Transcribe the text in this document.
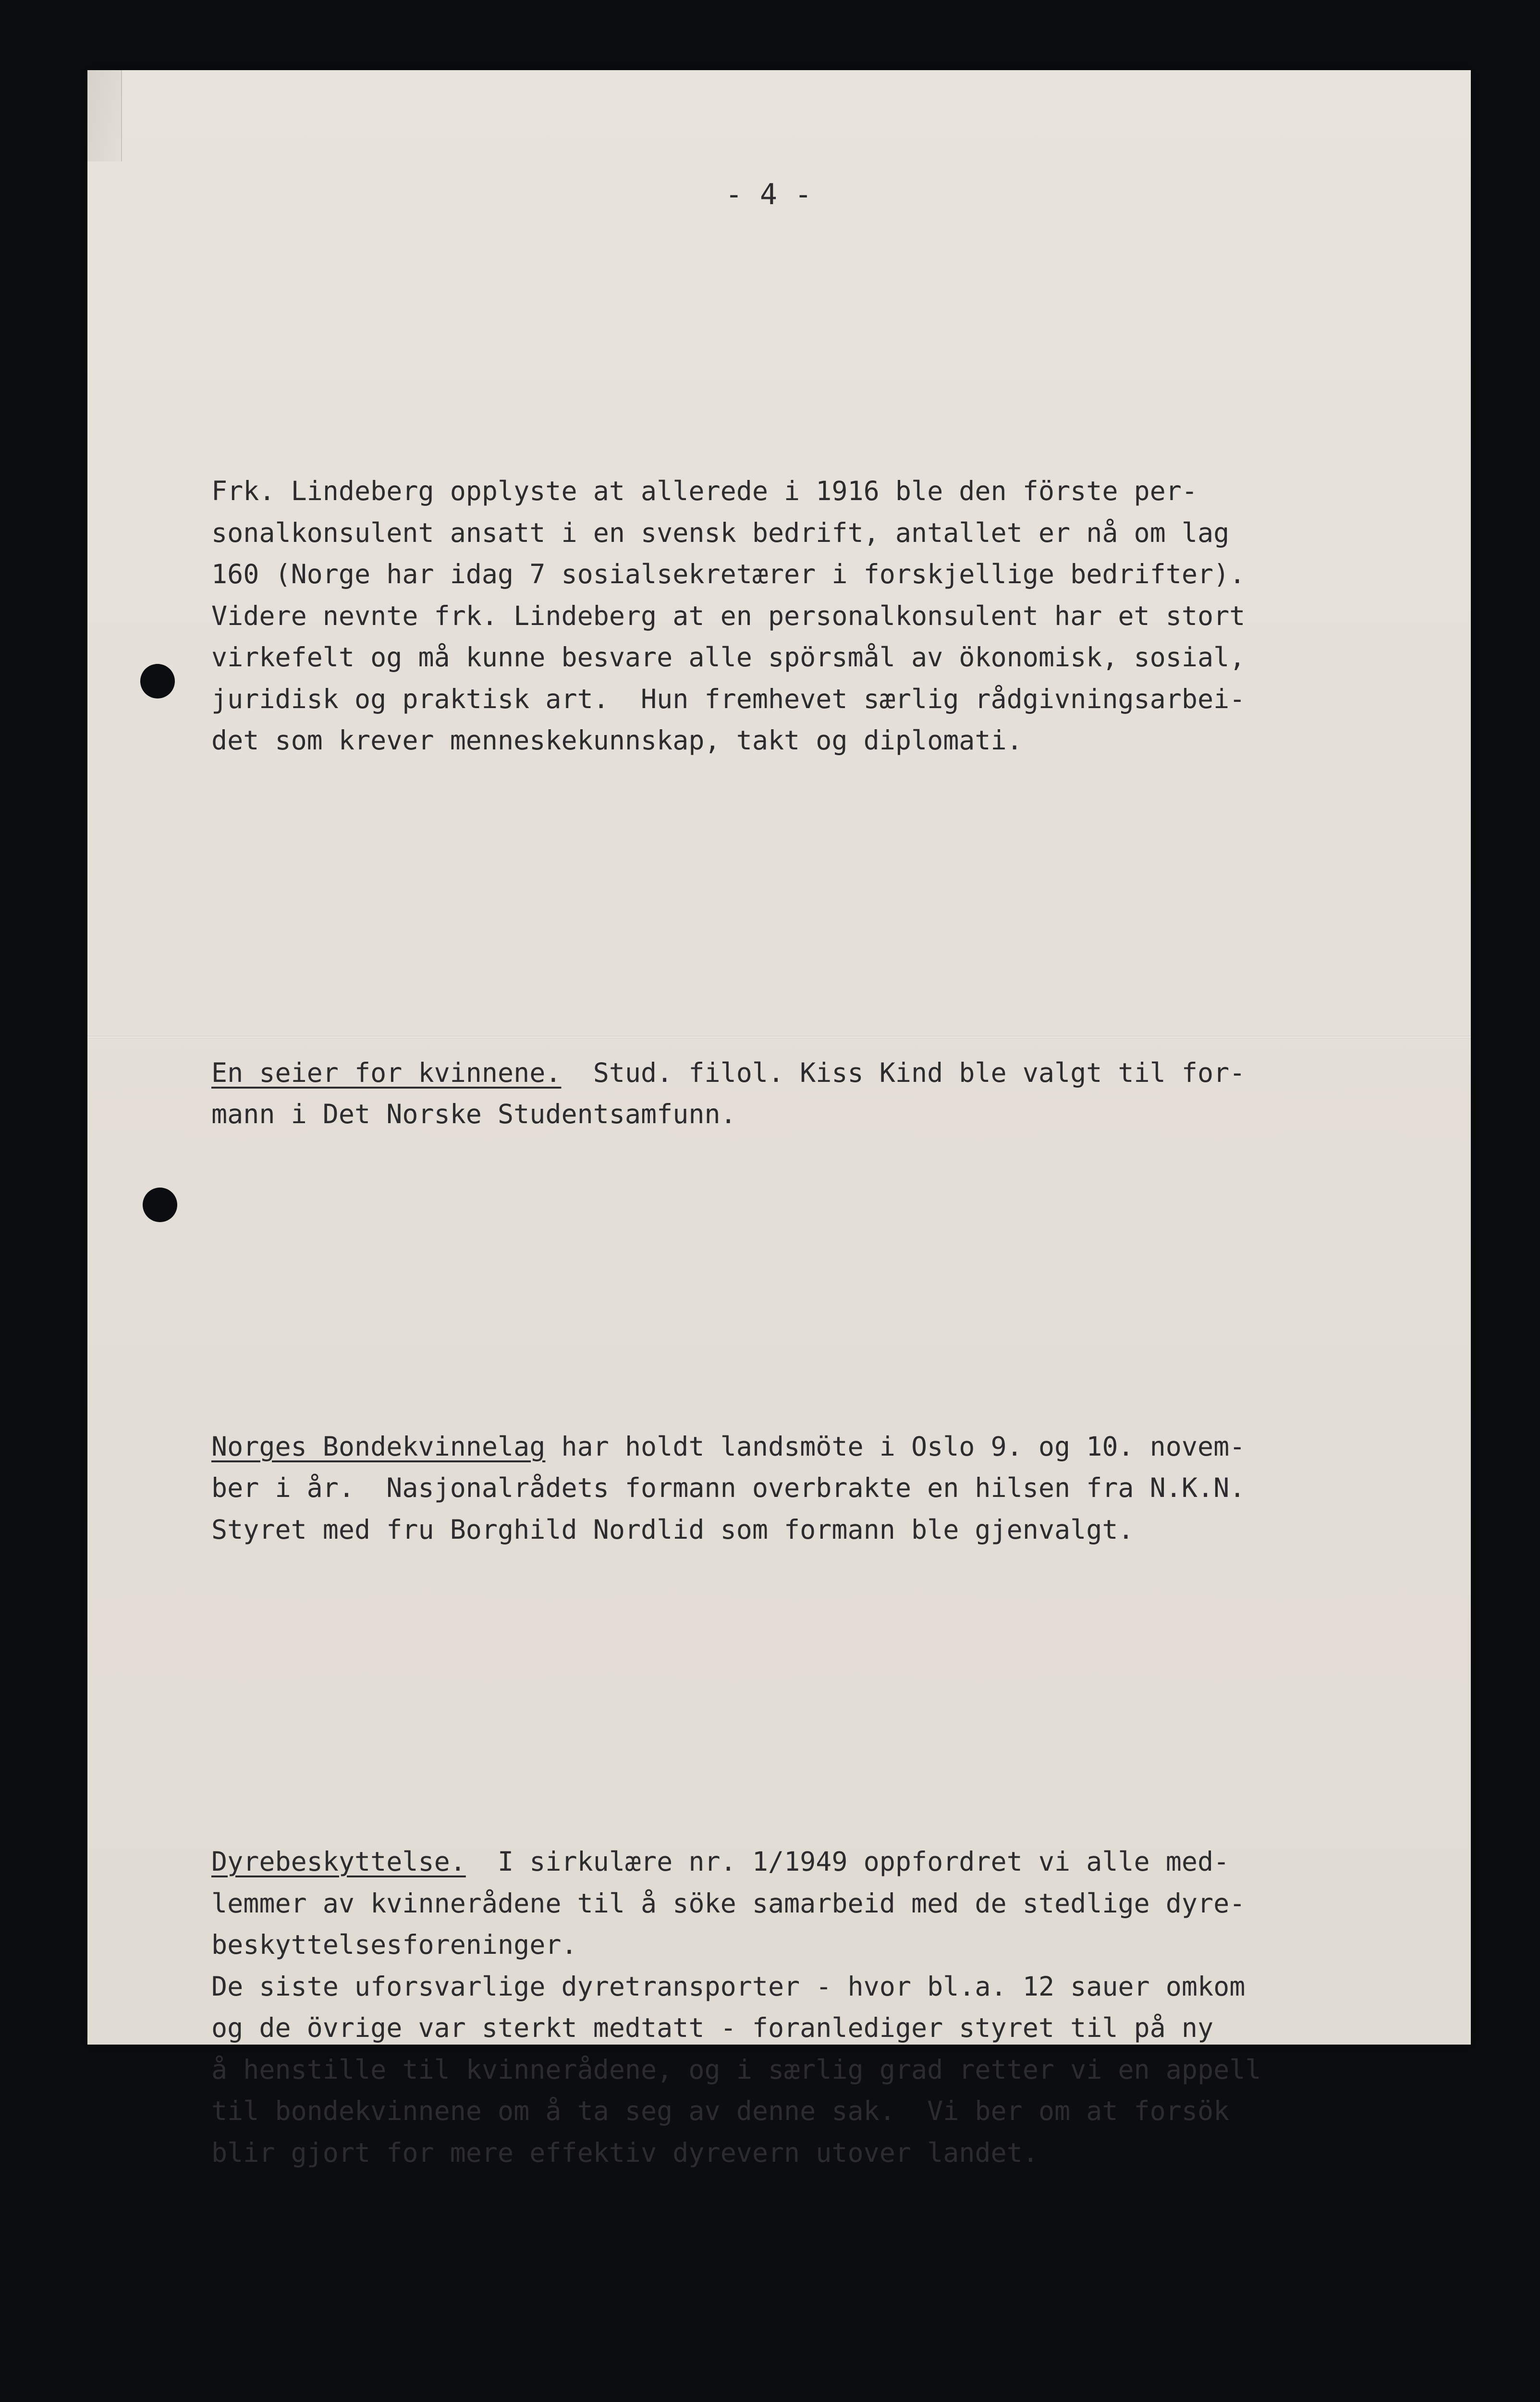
- 4 -

Frk. Lindeberg opplyste at allerede i 1916 ble den förste per-
sonalkonsulent ansatt i en svensk bedrift, antallet er nå om lag
160 (Norge har idag 7 sosialsekretærer i forskjellige bedrifter).
Videre nevnte frk. Lindeberg at en personalkonsulent har et stort
virkefelt og må kunne besvare alle spörsmål av ökonomisk, sosial,
juridisk og praktisk art.  Hun fremhevet særlig rådgivningsarbei-
det som krever menneskekunnskap, takt og diplomati.

En seier for kvinnene.  Stud. filol. Kiss Kind ble valgt til for-
mann i Det Norske Studentsamfunn.

Norges Bondekvinnelag har holdt landsmöte i Oslo 9. og 10. novem-
ber i år.  Nasjonalrådets formann overbrakte en hilsen fra N.K.N.
Styret med fru Borghild Nordlid som formann ble gjenvalgt.

Dyrebeskyttelse.  I sirkulære nr. 1/1949 oppfordret vi alle med-
lemmer av kvinnerådene til å söke samarbeid med de stedlige dyre-
beskyttelsesforeninger.
De siste uforsvarlige dyretransporter - hvor bl.a. 12 sauer omkom
og de övrige var sterkt medtatt - foranlediger styret til på ny
å henstille til kvinnerådene, og i særlig grad retter vi en appell
til bondekvinnene om å ta seg av denne sak.  Vi ber om at forsök
blir gjort for mere effektiv dyrevern utover landet.
